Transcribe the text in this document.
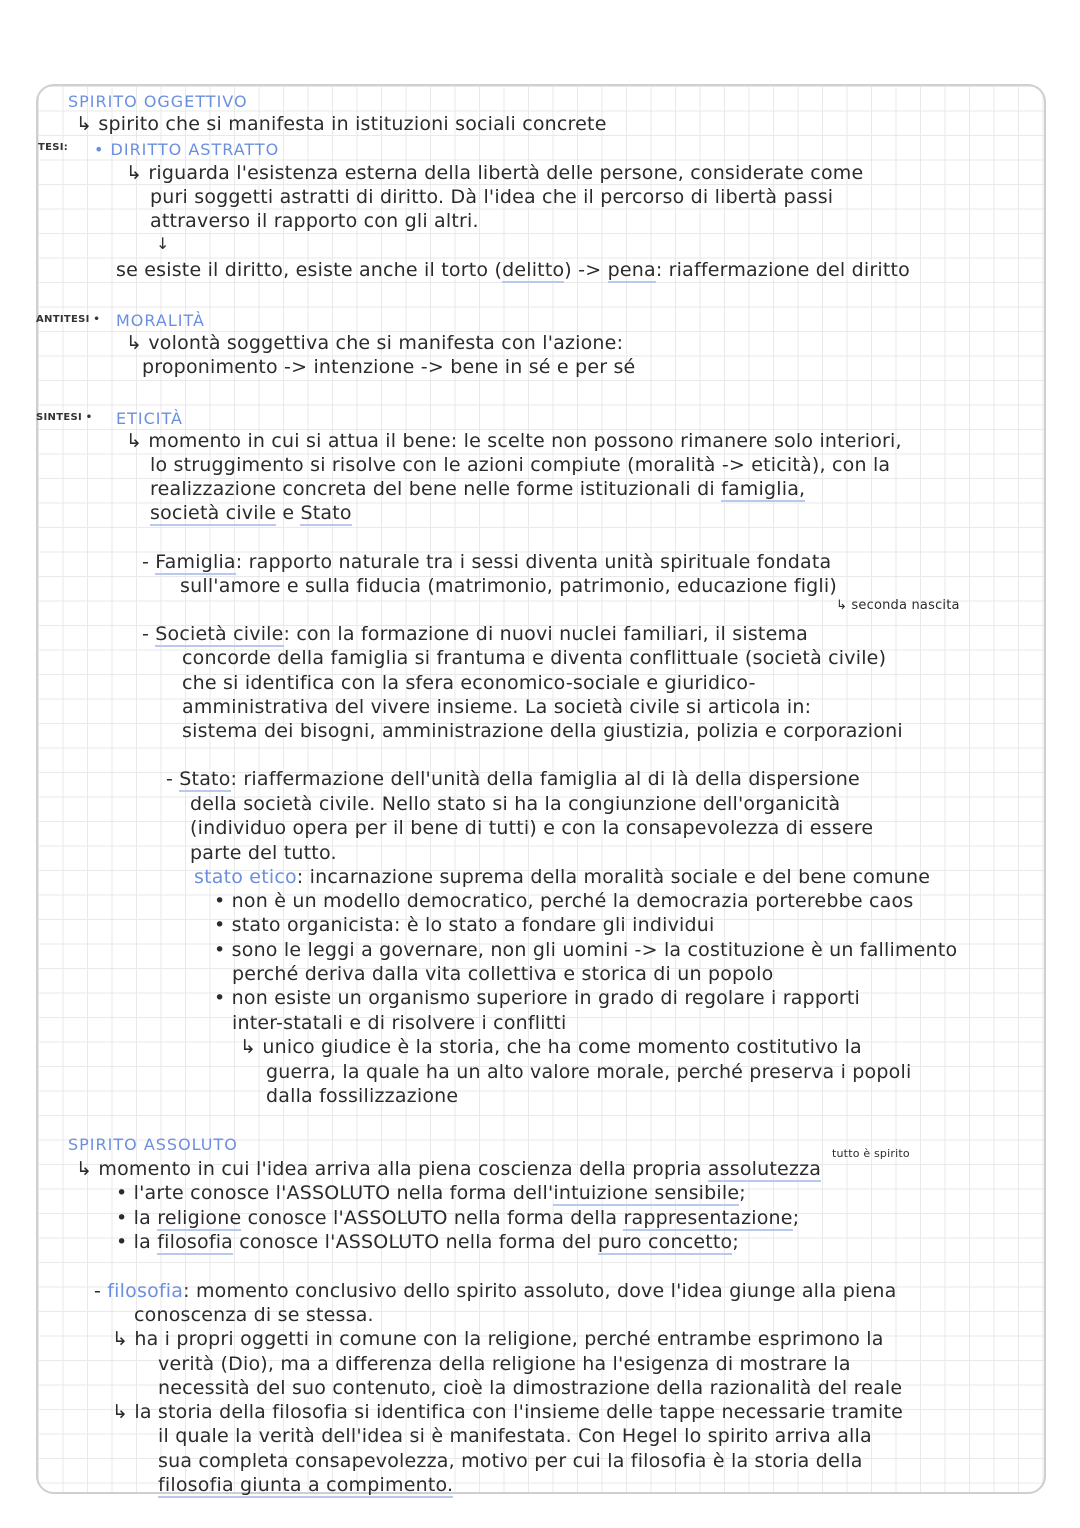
SPIRITO OGGETTIVO
↳ spirito che si manifesta in istituzioni sociali concrete
TESI: • DIRITTO ASTRATTO
↳ riguarda l'esistenza esterna della libertà delle persone, considerate come
puri soggetti astratti di diritto. Dà l'idea che il percorso di libertà passi
attraverso il rapporto con gli altri.
↓
se esiste il diritto, esiste anche il torto (delitto) -> pena: riaffermazione del diritto
ANTITESI • MORALITÀ
↳ volontà soggettiva che si manifesta con l'azione:
proponimento -> intenzione -> bene in sé e per sé
SINTESI • ETICITÀ
↳ momento in cui si attua il bene: le scelte non possono rimanere solo interiori,
lo struggimento si risolve con le azioni compiute (moralità -> eticità), con la
realizzazione concreta del bene nelle forme istituzionali di famiglia,
società civile e Stato
- Famiglia: rapporto naturale tra i sessi diventa unità spirituale fondata
sull'amore e sulla fiducia (matrimonio, patrimonio, educazione figli)
↳ seconda nascita
- Società civile: con la formazione di nuovi nuclei familiari, il sistema
concorde della famiglia si frantuma e diventa conflittuale (società civile)
che si identifica con la sfera economico-sociale e giuridico-
amministrativa del vivere insieme. La società civile si articola in:
sistema dei bisogni, amministrazione della giustizia, polizia e corporazioni
- Stato: riaffermazione dell'unità della famiglia al di là della dispersione
della società civile. Nello stato si ha la congiunzione dell'organicità
(individuo opera per il bene di tutti) e con la consapevolezza di essere
parte del tutto.
stato etico: incarnazione suprema della moralità sociale e del bene comune
• non è un modello democratico, perché la democrazia porterebbe caos
• stato organicista: è lo stato a fondare gli individui
• sono le leggi a governare, non gli uomini -> la costituzione è un fallimento
perché deriva dalla vita collettiva e storica di un popolo
• non esiste un organismo superiore in grado di regolare i rapporti
inter-statali e di risolvere i conflitti
↳ unico giudice è la storia, che ha come momento costitutivo la
guerra, la quale ha un alto valore morale, perché preserva i popoli
dalla fossilizzazione
SPIRITO ASSOLUTO	tutto è spirito
↳ momento in cui l'idea arriva alla piena coscienza della propria assolutezza
• l'arte conosce l'ASSOLUTO nella forma dell'intuizione sensibile;
• la religione conosce l'ASSOLUTO nella forma della rappresentazione;
• la filosofia conosce l'ASSOLUTO nella forma del puro concetto;
- filosofia: momento conclusivo dello spirito assoluto, dove l'idea giunge alla piena
conoscenza di se stessa.
↳ ha i propri oggetti in comune con la religione, perché entrambe esprimono la
verità (Dio), ma a differenza della religione ha l'esigenza di mostrare la
necessità del suo contenuto, cioè la dimostrazione della razionalità del reale
↳ la storia della filosofia si identifica con l'insieme delle tappe necessarie tramite
il quale la verità dell'idea si è manifestata. Con Hegel lo spirito arriva alla
sua completa consapevolezza, motivo per cui la filosofia è la storia della
filosofia giunta a compimento.
